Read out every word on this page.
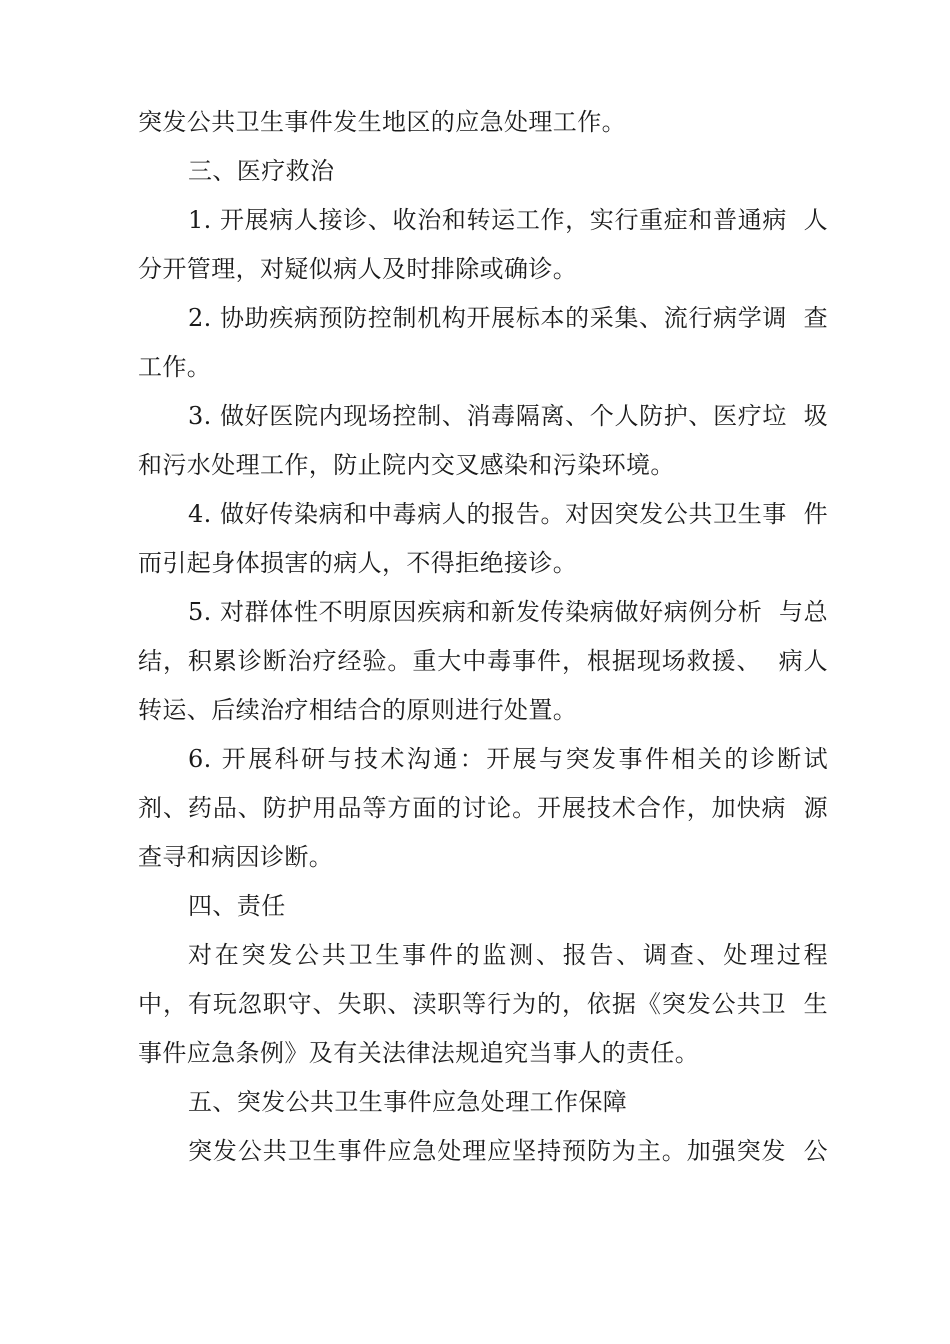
突发公共卫生事件发生地区的应急处理工作。
三、医疗救治
1. 开展病人接诊、收治和转运工作，实行重症和普通病  人
分开管理，对疑似病人及时排除或确诊。
2. 协助疾病预防控制机构开展标本的采集、流行病学调  查
工作。
3. 做好医院内现场控制、消毒隔离、个人防护、医疗垃  圾
和污水处理工作，防止院内交叉感染和污染环境。
4. 做好传染病和中毒病人的报告。对因突发公共卫生事  件
而引起身体损害的病人，不得拒绝接诊。
5. 对群体性不明原因疾病和新发传染病做好病例分析  与总
结，积累诊断治疗经验。重大中毒事件，根据现场救援、  病人
转运、后续治疗相结合的原则进行处置。
6. 开展科研与技术沟通：开展与突发事件相关的诊断试
剂、药品、防护用品等方面的讨论。开展技术合作，加快病  源
查寻和病因诊断。
四、责任
对在突发公共卫生事件的监测、报告、调查、处理过程
中，有玩忽职守、失职、渎职等行为的，依据《突发公共卫  生
事件应急条例》及有关法律法规追究当事人的责任。
五、突发公共卫生事件应急处理工作保障
突发公共卫生事件应急处理应坚持预防为主。加强突发  公
